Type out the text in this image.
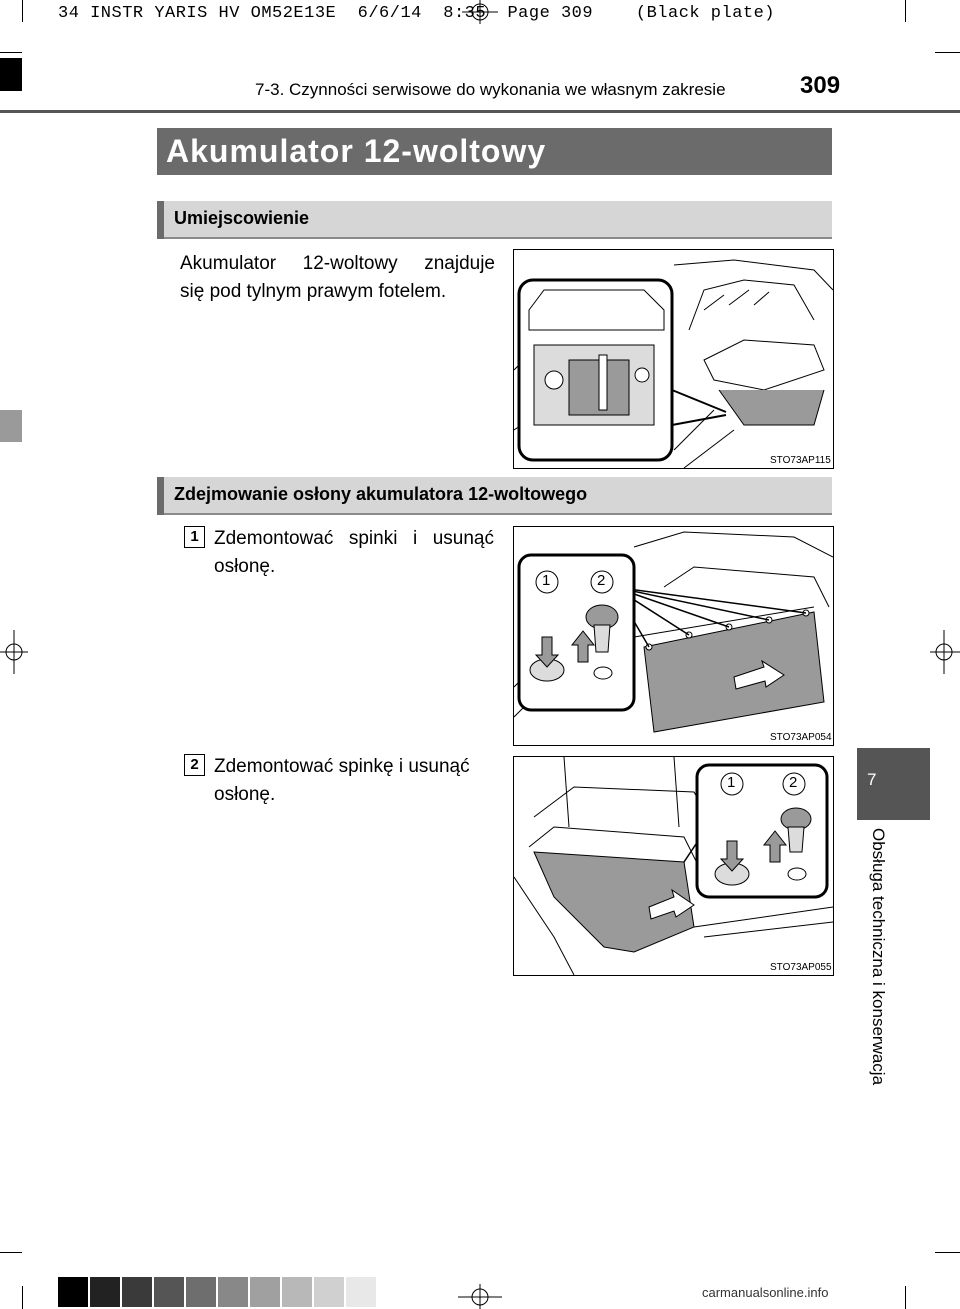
34 INSTR YARIS HV OM52E13E  6/6/14  8:35  Page 309    (Black plate)
7-3. Czynności serwisowe do wykonania we własnym zakresie	309
7
Obsługa techniczna i konserwacja
Akumulator 12-woltowy
Umiejscowienie
Akumulator 12-woltowy znajduje
się pod tylnym prawym fotelem.
STO73AP115
Zdejmowanie osłony akumulatora 12-woltowego
1 Zdemontować spinki i usunąć
osłonę.
1	2
STO73AP054
2 Zdemontować spinkę i usunąć
osłonę.
1	2
STO73AP055
carmanualsonline.info
